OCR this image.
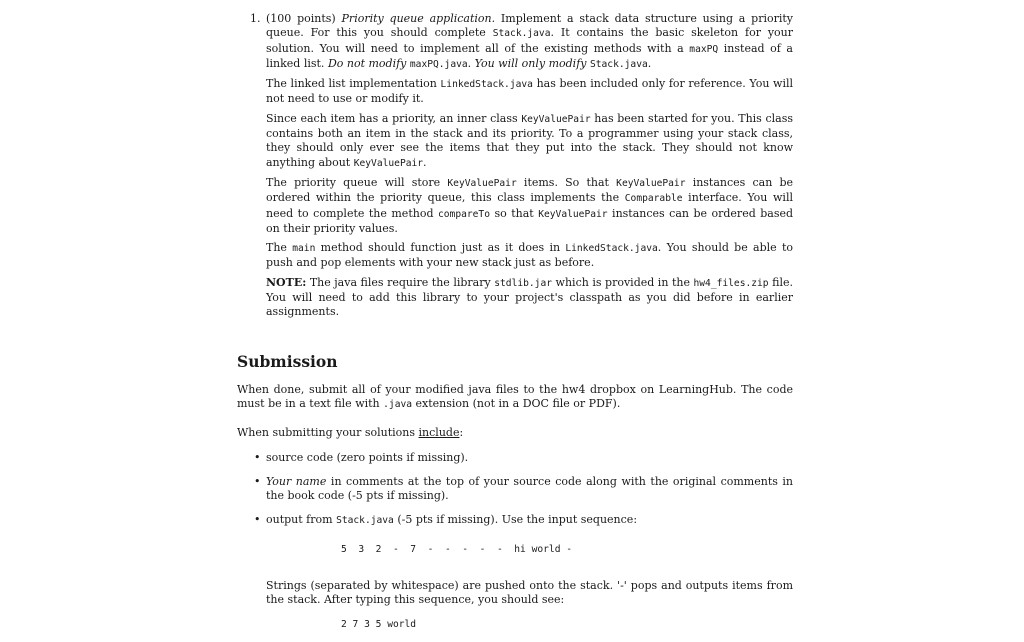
1. (100 points) Priority queue application. Implement a stack data structure using a priority queue. For this you should complete Stack.java. It contains the basic skeleton for your solution. You will need to implement all of the existing methods with a maxPQ instead of a linked list. Do not modify maxPQ.java. You will only modify Stack.java.

The linked list implementation LinkedStack.java has been included only for reference. You will not need to use or modify it.

Since each item has a priority, an inner class KeyValuePair has been started for you. This class contains both an item in the stack and its priority. To a programmer using your stack class, they should only ever see the items that they put into the stack. They should not know anything about KeyValuePair.

The priority queue will store KeyValuePair items. So that KeyValuePair instances can be ordered within the priority queue, this class implements the Comparable interface. You will need to complete the method compareTo so that KeyValuePair instances can be ordered based on their priority values.

The main method should function just as it does in LinkedStack.java. You should be able to push and pop elements with your new stack just as before.

NOTE: The java files require the library stdlib.jar which is provided in the hw4_files.zip file. You will need to add this library to your project's classpath as you did before in earlier assignments.

Submission

When done, submit all of your modified java files to the hw4 dropbox on LearningHub. The code must be in a text file with .java extension (not in a DOC file or PDF).

When submitting your solutions include:

• source code (zero points if missing).
• Your name in comments at the top of your source code along with the original comments in the book code (-5 pts if missing).
• output from Stack.java (-5 pts if missing). Use the input sequence:
5  3  2  -  7  -  -  -  -  -  hi world -
Strings (separated by whitespace) are pushed onto the stack. '-' pops and outputs items from the stack. After typing this sequence, you should see:
2 7 3 5 world
